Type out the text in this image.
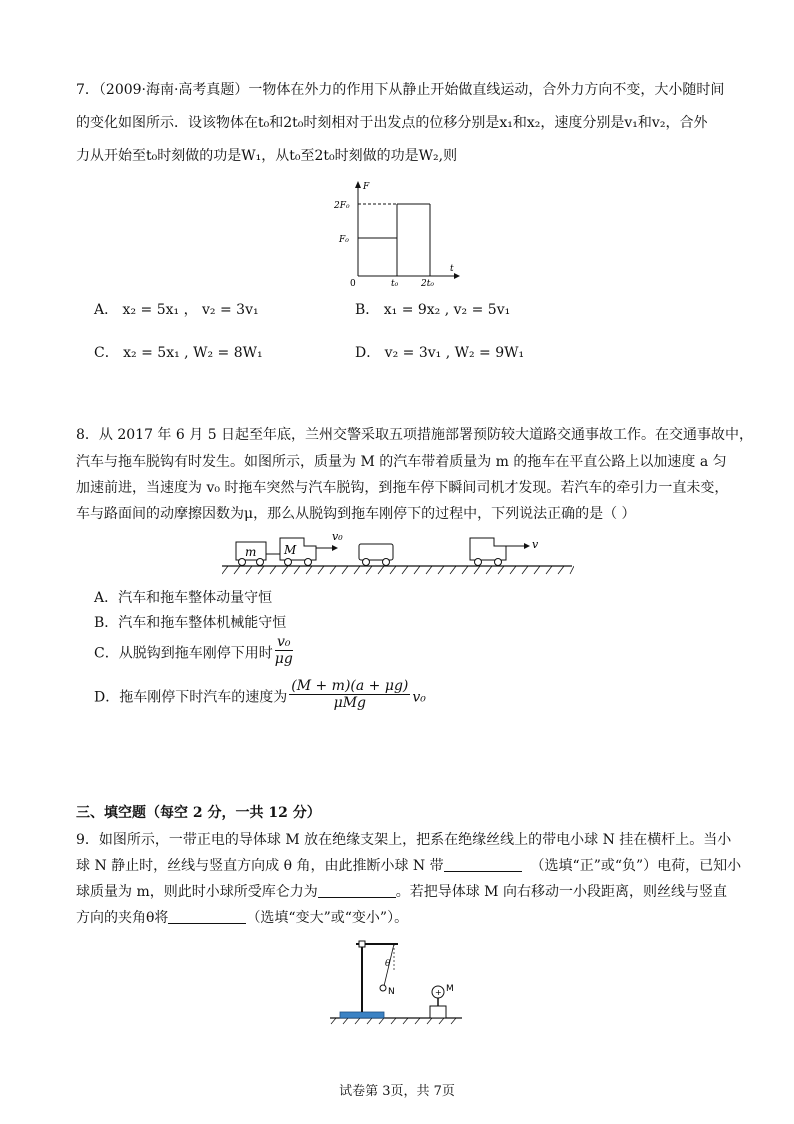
7．（2009·海南·高考真题）一物体在外力的作用下从静止开始做直线运动，合外力方向不变，大小随时间
的变化如图所示．设该物体在t₀和2t₀时刻相对于出发点的位移分别是x₁和x₂，速度分别是v₁和v₂，合外
力从开始至t₀时刻做的功是W₁，从t₀至2t₀时刻做的功是W₂,则
F
t
0
2F₀
F₀
t₀	2t₀
A． x₂ = 5x₁ ， v₂ = 3v₁	B． x₁ = 9x₂ , v₂ = 5v₁
C． x₂ = 5x₁ , W₂ = 8W₁	D． v₂ = 3v₁ , W₂ = 9W₁
8．从 2017 年 6 月 5 日起至年底，兰州交警采取五项措施部署预防较大道路交通事故工作。在交通事故中，
汽车与拖车脱钩有时发生。如图所示，质量为 M 的汽车带着质量为 m 的拖车在平直公路上以加速度 a 匀
加速前进，当速度为 v₀ 时拖车突然与汽车脱钩，到拖车停下瞬间司机才发现。若汽车的牵引力一直未变，
车与路面间的动摩擦因数为μ，那么从脱钩到拖车刚停下的过程中，下列说法正确的是（ ）
m M
v₀
v
A．汽车和拖车整体动量守恒
B．汽车和拖车整体机械能守恒
C．从脱钩到拖车刚停下用时 $\frac{\text{v₀}}{\mu g}$
D．拖车刚停下时汽车的速度为 $\frac{(M + m)(a + \mu g)}{\text{μMg}} v_0$
三、填空题（每空 2 分，一共 12 分）
9．如图所示，一带正电的导体球 M 放在绝缘支架上，把系在绝缘丝线上的带电小球 N 挂在横杆上。当小
球 N 静止时，丝线与竖直方向成 θ 角，由此推断小球 N 带	（选填“正”或“负”）电荷，已知小
球质量为 m，则此时小球所受库仑力为	。若把导体球 M 向右移动一小段距离，则丝线与竖直
方向的夹角θ将	（选填“变大”或“变小”）。
N
θ
+ M
试卷第 3页，共 7页
